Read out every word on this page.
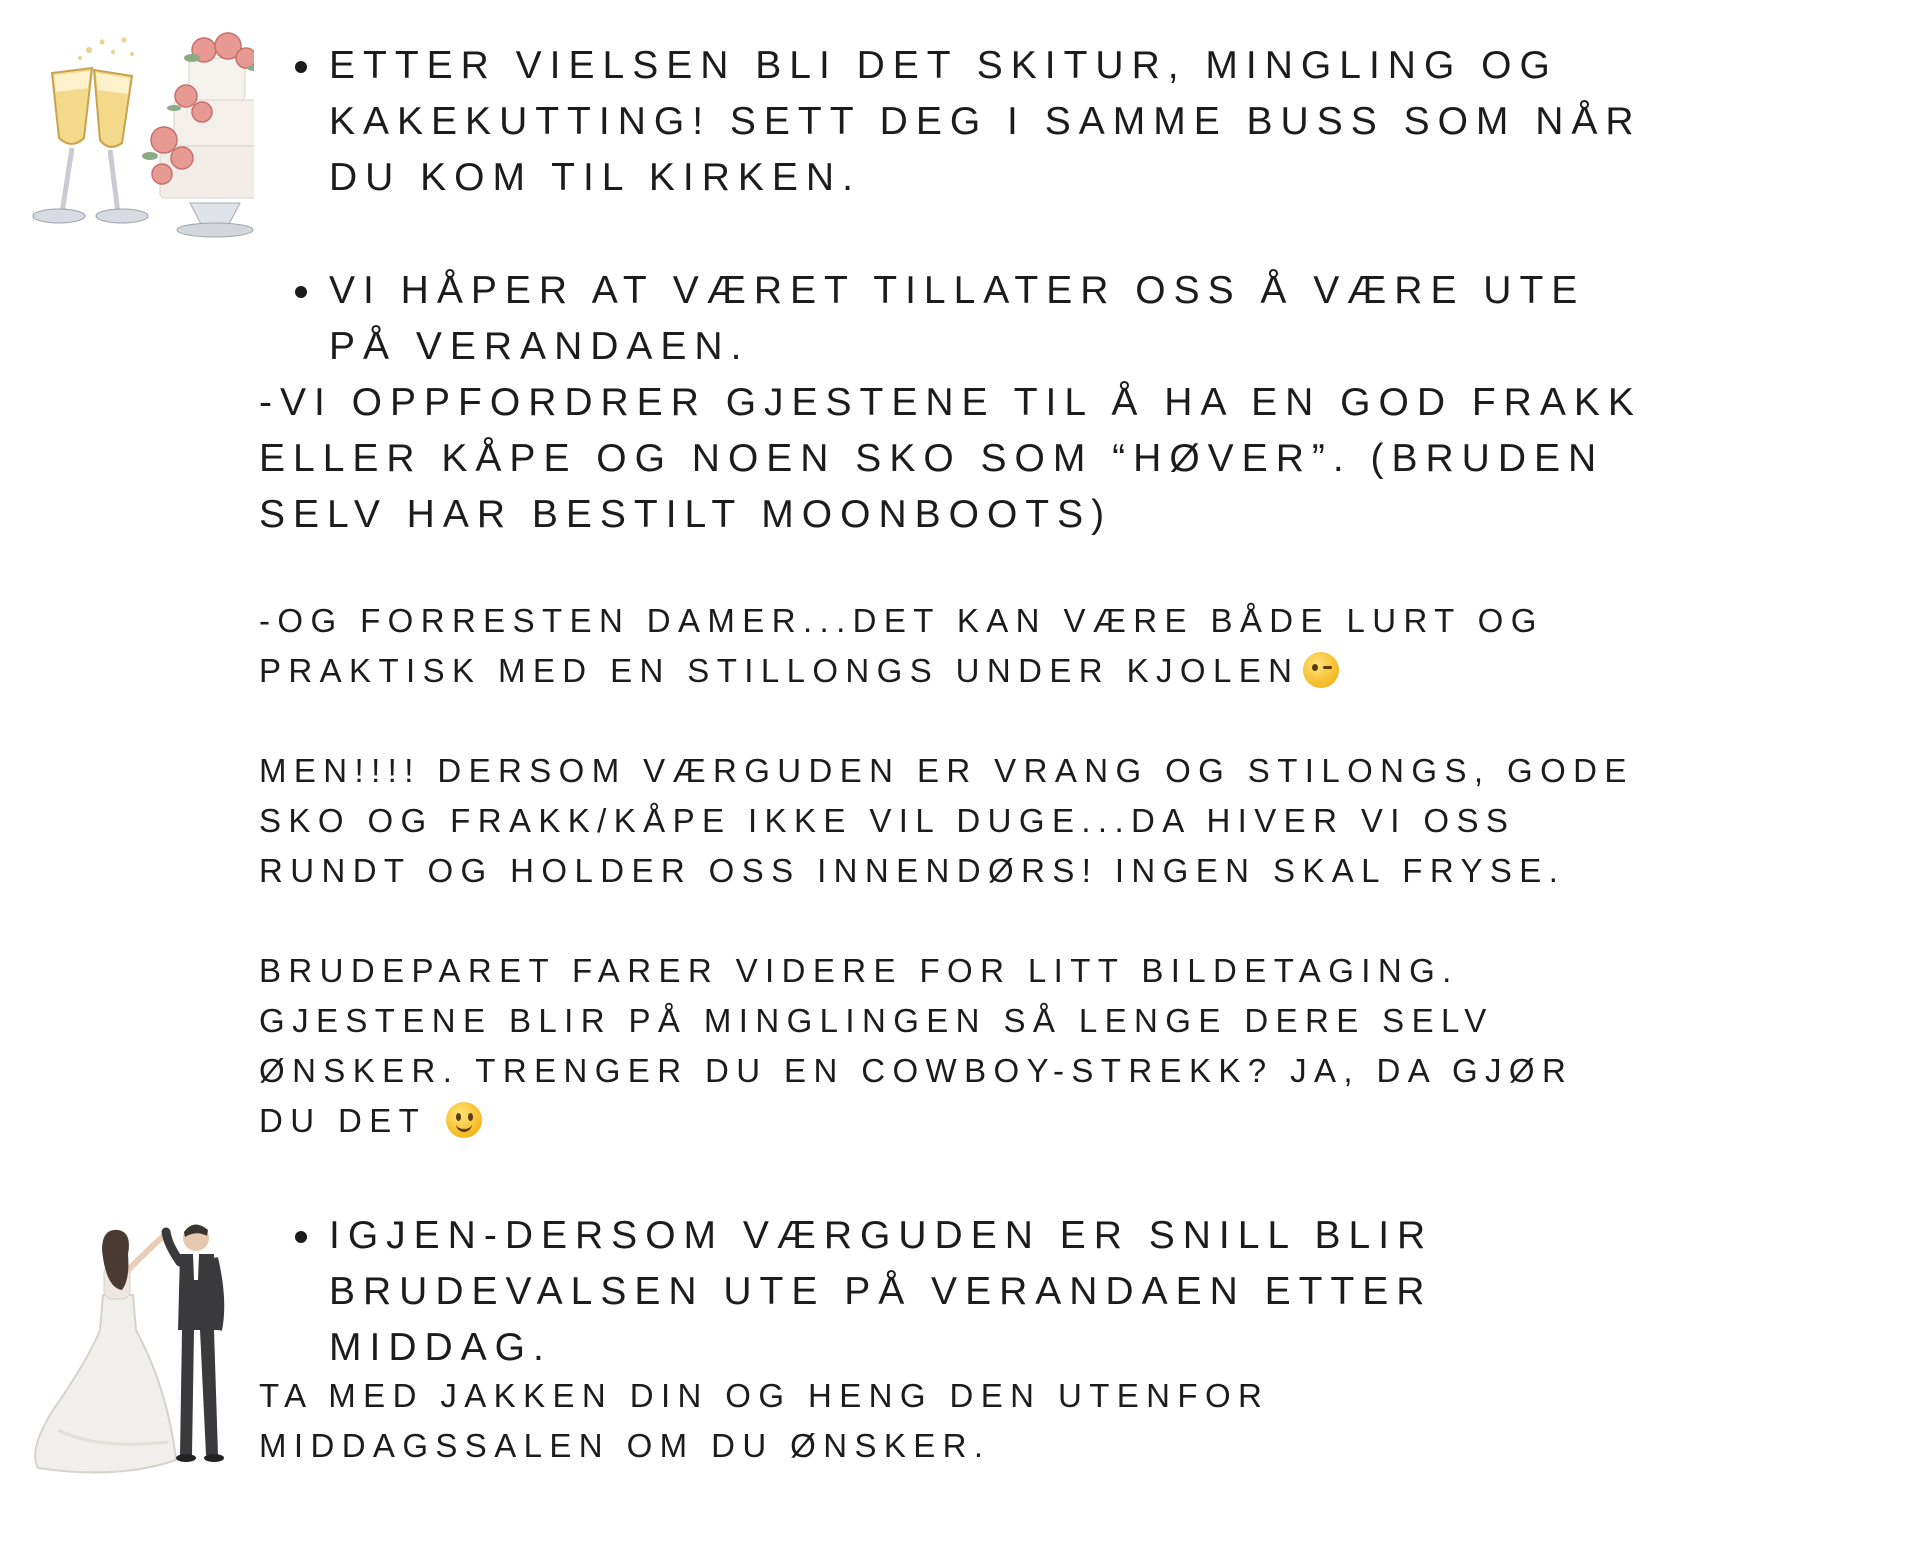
ETTER VIELSEN BLI DET SKITUR, MINGLING OG
KAKEKUTTING! SETT DEG I SAMME BUSS SOM NÅR
DU KOM TIL KIRKEN.
VI HÅPER AT VÆRET TILLATER OSS Å VÆRE UTE
PÅ VERANDAEN.
-VI OPPFORDRER GJESTENE TIL Å HA EN GOD FRAKK
ELLER KÅPE OG NOEN SKO SOM “HØVER”. (BRUDEN
SELV HAR BESTILT MOONBOOTS)
-OG FORRESTEN DAMER...DET KAN VÆRE BÅDE LURT OG
PRAKTISK MED EN STILLONGS UNDER KJOLEN
MEN!!!! DERSOM VÆRGUDEN ER VRANG OG STILONGS, GODE
SKO OG FRAKK/KÅPE IKKE VIL DUGE...DA HIVER VI OSS
RUNDT OG HOLDER OSS INNENDØRS! INGEN SKAL FRYSE.
BRUDEPARET FARER VIDERE FOR LITT BILDETAGING.
GJESTENE BLIR PÅ MINGLINGEN SÅ LENGE DERE SELV
ØNSKER. TRENGER DU EN COWBOY-STREKK? JA, DA GJØR
DU DET
IGJEN-DERSOM VÆRGUDEN ER SNILL BLIR
BRUDEVALSEN UTE PÅ VERANDAEN ETTER
MIDDAG.
TA MED JAKKEN DIN OG HENG DEN UTENFOR
MIDDAGSSALEN OM DU ØNSKER.
